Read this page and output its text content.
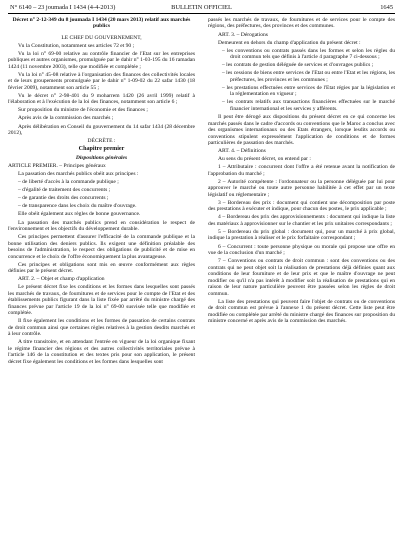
N° 6140 – 23 joumada I 1434 (4-4-2013)	BULLETIN OFFICIEL	1645

Décret n° 2-12-349 du 8 joumada I 1434 (20 mars 2013) relatif aux marchés publics

LE CHEF DU GOUVERNEMENT,

Vu la Constitution, notamment ses articles 72 et 90 ;

Vu la loi n° 69-00 relative au contrôle financier de l'Etat sur les entreprises publiques et autres organismes, promulguée par le dahir n° 1-03-195 du 16 ramadan 1424 (11 novembre 2003), telle que modifiée et complétée ;

Vu la loi n° 45-08 relative à l'organisation des finances des collectivités locales et de leurs groupements promulguée par le dahir n° 1-09-02 du 22 safar 1430 (18 février 2009), notamment son article 55 ;

Vu le décret n° 2-98-401 du 9 moharrem 1420 (26 avril 1999) relatif à l'élaboration et à l'exécution de la loi des finances, notamment son article 6 ;

Sur proposition du ministre de l'économie et des finances ;

Après avis de la commission des marchés ;

Après délibération en Conseil du gouvernement du 14 safar 1434 (28 décembre 2012),

DÉCRÈTE :

Chapitre premier

Dispositions générales

ARTICLE PREMIER. – Principes généraux

La passation des marchés publics obéit aux principes :

– de liberté d'accès à la commande publique ;

– d'égalité de traitement des concurrents ;

– de garantie des droits des concurrents ;

– de transparence dans les choix du maître d'ouvrage.

Elle obéit également aux règles de bonne gouvernance.

La passation des marchés publics prend en considération le respect de l'environnement et les objectifs du développement durable.

Ces principes permettent d'assurer l'efficacité de la commande publique et la bonne utilisation des deniers publics. Ils exigent une définition préalable des besoins de l'administration, le respect des obligations de publicité et de mise en concurrence et le choix de l'offre économiquement la plus avantageuse.

Ces principes et obligations sont mis en œuvre conformément aux règles définies par le présent décret.

ART. 2. – Objet et champ d'application

Le présent décret fixe les conditions et les formes dans lesquelles sont passés les marchés de travaux, de fournitures et de services pour le compte de l'Etat et des établissements publics figurant dans la liste fixée par arrêté du ministre chargé des finances prévue par l'article 19 de la loi n° 69-00 susvisée telle que modifiée et complétée.

Il fixe également les conditions et les formes de passation de certains contrats de droit commun ainsi que certaines règles relatives à la gestion desdits marchés et à leur contrôle.

A titre transitoire, et en attendant l'entrée en vigueur de la loi organique fixant le régime financier des régions et des autres collectivités territoriales prévue à l'article 146 de la constitution et des textes pris pour son application, le présent décret fixe également les conditions et les formes dans lesquelles sont

passés les marchés de travaux, de fournitures et de services pour le compte des régions, des préfectures, des provinces et des communes.

ART. 3. – Dérogations

Demeurent en dehors du champ d'application du présent décret :

– les conventions ou contrats passés dans les formes et selon les règles du droit commun tels que définis à l'article 4 paragraphe 7 ci-dessous ;

– les contrats de gestion déléguée de services et d'ouvrages publics ;

– les cessions de biens entre services de l'Etat ou entre l'Etat et les régions, les préfectures, les provinces et les communes ;

– les prestations effectuées entre services de l'Etat régies par la législation et la réglementation en vigueur ;

– les contrats relatifs aux transactions financières effectuées sur le marché financier international et les services y afférents.

Il peut être dérogé aux dispositions du présent décret en ce qui concerne les marchés passés dans le cadre d'accords ou conventions que le Maroc a conclus avec des organismes internationaux ou des Etats étrangers, lorsque lesdits accords ou conventions stipulent expressément l'application de conditions et de formes particulières de passation des marchés.

ART. 4. – Définitions

Au sens du présent décret, on entend par :

1 – Attributaire : concurrent dont l'offre a été retenue avant la notification de l'approbation du marché ;

2 – Autorité compétente : l'ordonnateur ou la personne déléguée par lui pour approuver le marché ou toute autre personne habilitée à cet effet par un texte législatif ou réglementaire ;

3 – Bordereau des prix : document qui contient une décomposition par poste des prestations à exécuter et indique, pour chacun des postes, le prix applicable ;

4 – Bordereau des prix des approvisionnements : document qui indique la liste des matériaux à approvisionner sur le chantier et les prix unitaires correspondants ;

5 – Bordereau du prix global : document qui, pour un marché à prix global, indique la prestation à réaliser et le prix forfaitaire correspondant ;

6 – Concurrent : toute personne physique ou morale qui propose une offre en vue de la conclusion d'un marché ;

7 – Conventions ou contrats de droit commun : sont des conventions ou des contrats qui ne peut objet soit la réalisation de prestations déjà définies quant aux conditions de leur fourniture et de leur prix et que le maître d'ouvrage ne peut modifier ou qu'il n'a pas intérêt à modifier soit la réalisation de prestations qui en raison de leur nature particulière peuvent être passées selon les règles de droit commun.

La liste des prestations qui peuvent faire l'objet de contrats ou de conventions de droit commun est prévue à l'annexe 1 du présent décret. Cette liste peut être modifiée ou complétée par arrêté du ministre chargé des finances sur proposition du ministre concerné et après avis de la commission des marchés.
